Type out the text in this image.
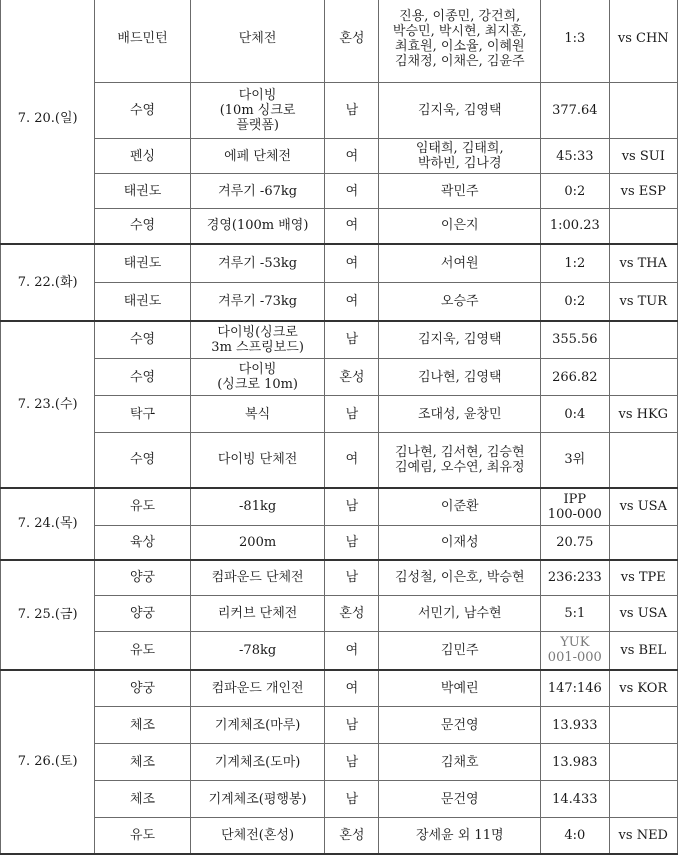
7. 20.(일)	배드민턴	단체전	혼성	진용, 이종민, 강건희,
박승민, 박시현, 최지훈,
최효원, 이소율, 이혜원
김채정, 이채은, 김윤주	1:3	vs CHN
	수영	다이빙
(10m 싱크로
플랫폼)	남	김지욱, 김영택	377.64	
	펜싱	에페 단체전	여	임태희, 김태희,
박하빈, 김나경	45:33	vs SUI
	태권도	겨루기 -67kg	여	곽민주	0:2	vs ESP
	수영	경영(100m 배영)	여	이은지	1:00.23	
7. 22.(화)	태권도	겨루기 -53kg	여	서여원	1:2	vs THA
	태권도	겨루기 -73kg	여	오승주	0:2	vs TUR
7. 23.(수)	수영	다이빙(싱크로
3m 스프링보드)	남	김지욱, 김영택	355.56	
	수영	다이빙
(싱크로 10m)	혼성	김나현, 김영택	266.82	
	탁구	복식	남	조대성, 윤창민	0:4	vs HKG
	수영	다이빙 단체전	여	김나현, 김서현, 김승현
김예림, 오수연, 최유정	3위	
7. 24.(목)	유도	-81kg	남	이준환	IPP
100-000	vs USA
	육상	200m	남	이재성	20.75	
7. 25.(금)	양궁	컴파운드 단체전	남	김성철, 이은호, 박승현	236:233	vs TPE
	양궁	리커브 단체전	혼성	서민기, 남수현	5:1	vs USA
	유도	-78kg	여	김민주	YUK
001-000	vs BEL
7. 26.(토)	양궁	컴파운드 개인전	여	박예린	147:146	vs KOR
	체조	기계체조(마루)	남	문건영	13.933	
	체조	기계체조(도마)	남	김채호	13.983	
	체조	기계체조(평행봉)	남	문건영	14.433	
	유도	단체전(혼성)	혼성	장세윤 외 11명	4:0	vs NED
